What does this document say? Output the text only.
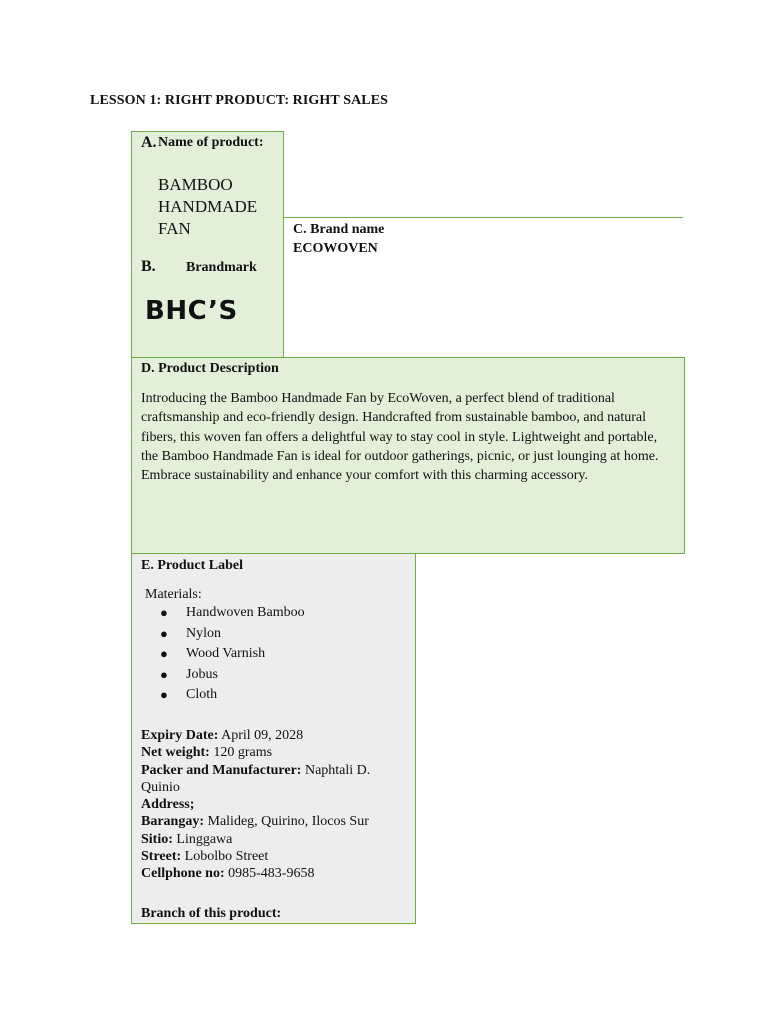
LESSON 1: RIGHT PRODUCT: RIGHT SALES
A. Name of product:
BAMBOO
HANDMADE
FAN
B. Brandmark
BHC’S
C. Brand name
ECOWOVEN
D. Product Description
Introducing the Bamboo Handmade Fan by EcoWoven, a perfect blend of traditional craftsmanship and eco-friendly design. Handcrafted from sustainable bamboo, and natural fibers, this woven fan offers a delightful way to stay cool in style. Lightweight and portable, the Bamboo Handmade Fan is ideal for outdoor gatherings, picnic, or just lounging at home. Embrace sustainability and enhance your comfort with this charming accessory.
E. Product Label
Materials:
●	Handwoven Bamboo
●	Nylon
●	Wood Varnish
●	Jobus
●	Cloth
Expiry Date: April 09, 2028
Net weight: 120 grams
Packer and Manufacturer: Naphtali D. Quinio
Address;
Barangay: Malideg, Quirino, Ilocos Sur
Sitio: Linggawa
Street: Lobolbo Street
Cellphone no: 0985-483-9658
Branch of this product:
